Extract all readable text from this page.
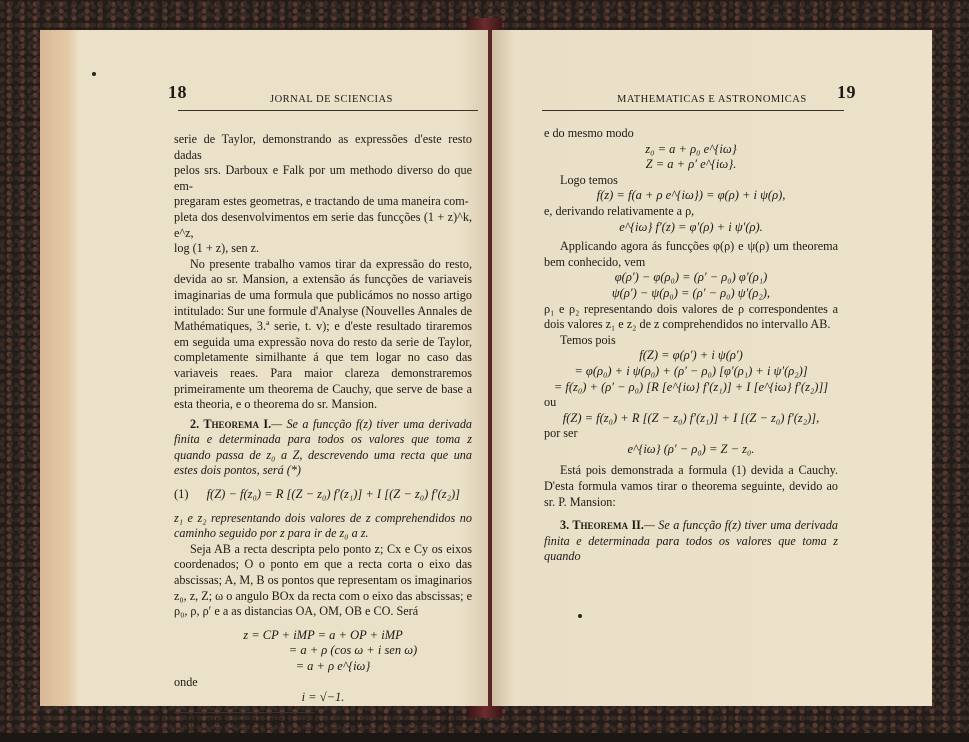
18	JORNAL DE SCIENCIAS

serie de Taylor, demonstrando as expressões d'este resto dadas

pelos srs. Darboux e Falk por um methodo diverso do que em-

pregaram estes geometras, e tractando de uma maneira com-

pleta dos desenvolvimentos em serie das funcções (1 + z)^k, e^z,

log (1 + z), sen z.

No presente trabalho vamos tirar da expressão do resto, devida ao sr. Mansion, a extensão ás funcções de variaveis imaginarias de uma formula que publicámos no nosso artigo intitulado: Sur une formule d'Analyse (Nouvelles Annales de Mathématiques, 3.ª serie, t. v); e d'este resultado tiraremos em seguida uma expressão nova do resto da serie de Taylor, completamente similhante á que tem logar no caso das variaveis reaes. Para maior clareza demonstraremos primeiramente um theorema de Cauchy, que serve de base a esta theoria, e o theorema do sr. Mansion.

2. Theorema I.— Se a funcção f(z) tiver uma derivada finita e determinada para todos os valores que toma z quando passa de z₀ a Z, descrevendo uma recta que una estes dois pontos, será (*)

(1) f(Z) − f(z₀) = R [(Z − z₀) f′(z₁)] + I [(Z − z₀) f′(z₂)]

z₁ e z₂ representando dois valores de z comprehendidos no caminho seguido por z para ir de z₀ a z.

Seja AB a recta descripta pelo ponto z; Cx e Cy os eixos coordenados; O o ponto em que a recta corta o eixo das abscissas; A, M, B os pontos que representam os imaginarios z₀, z, Z; ω o angulo BOx da recta com o eixo das abscissas; e ρ₀, ρ, ρ′ e a as distancias OA, OM, OB e CO. Será

z = CP + iMP = a + OP + iMP

= a + ρ (cos ω + i sen ω)

= a + ρ e^{iω}

onde

i = √−1.

(*) Pelas notações R (A) e I (A) representa-se a parte real e a parte imaginaria de A.

MATHEMATICAS E ASTRONOMICAS 19

e do mesmo modo

z₀ = a + ρ₀ e^{iω}

Z = a + ρ′ e^{iω}.

Logo temos

f(z) = f(a + ρ e^{iω}) = φ(ρ) + i ψ(ρ),

e, derivando relativamente a ρ,

e^{iω} f′(z) = φ′(ρ) + i ψ′(ρ).

Applicando agora ás funcções φ(ρ) e ψ(ρ) um theorema bem conhecido, vem

φ(ρ′) − φ(ρ₀) = (ρ′ − ρ₀) φ′(ρ₁)

ψ(ρ′) − ψ(ρ₀) = (ρ′ − ρ₀) ψ′(ρ₂),

ρ₁ e ρ₂ representando dois valores de ρ correspondentes a dois valores z₁ e z₂ de z comprehendidos no intervallo AB.

Temos pois

f(Z) = φ(ρ′) + i ψ(ρ′)

= φ(ρ₀) + i ψ(ρ₀) + (ρ′ − ρ₀) [φ′(ρ₁) + i ψ′(ρ₂)]

= f(z₀) + (ρ′ − ρ₀) [R [e^{iω} f′(z₁)] + I [e^{iω} f′(z₂)]]

ou

f(Z) = f(z₀) + R [(Z − z₀) f′(z₁)] + I [(Z − z₀) f′(z₂)],

por ser

e^{iω} (ρ′ − ρ₀) = Z − z₀.

Está pois demonstrada a formula (1) devida a Cauchy. D'esta formula vamos tirar o theorema seguinte, devido ao sr. P. Mansion:

3. Theorema II.— Se a funcção f(z) tiver uma derivada finita e determinada para todos os valores que toma z quando
